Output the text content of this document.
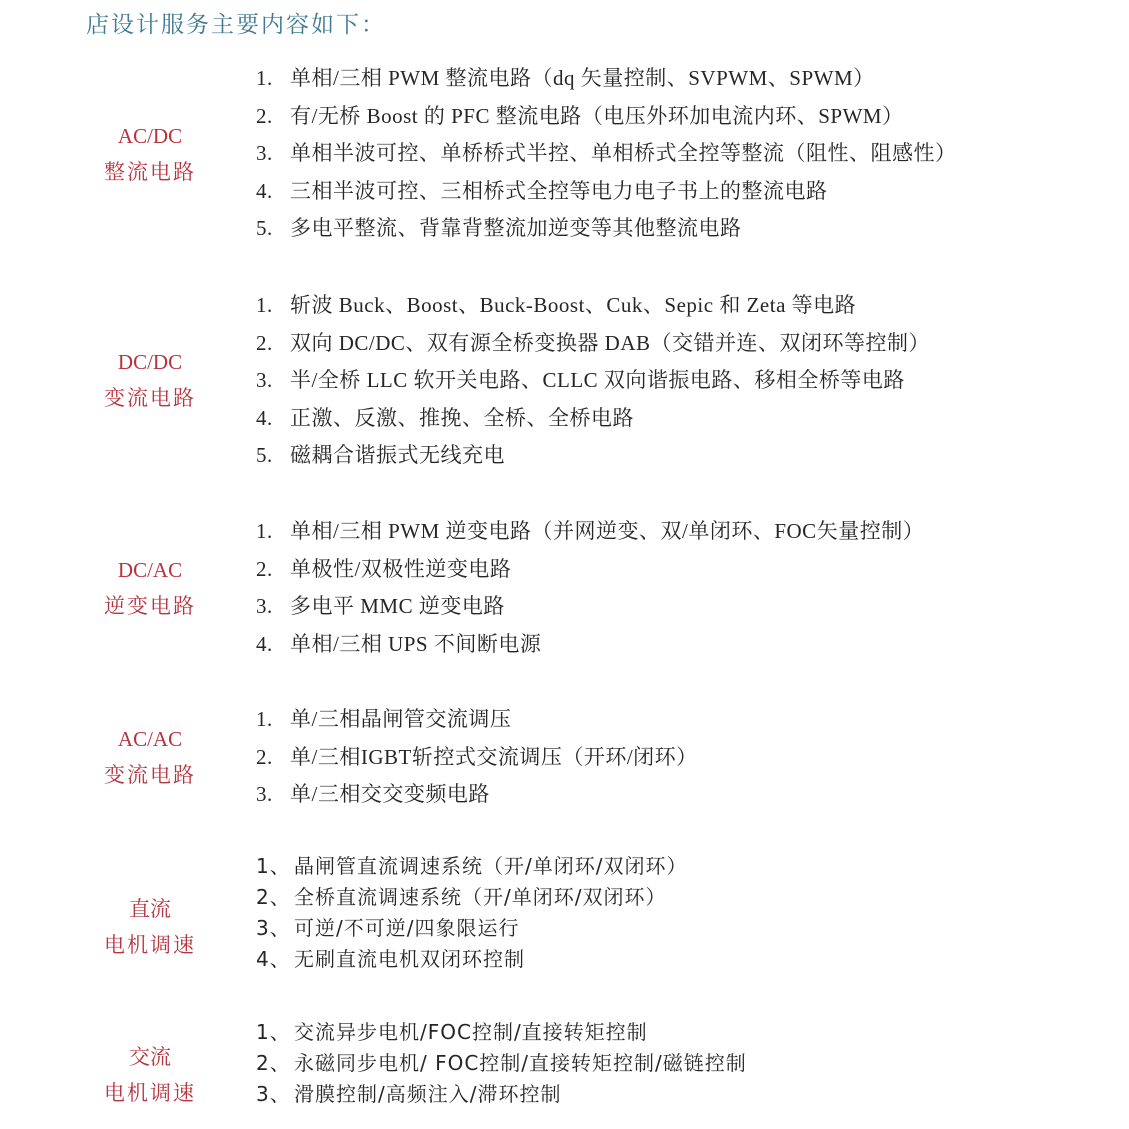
店设计服务主要内容如下：
AC/DC
整流电路
1. 单相/三相 PWM 整流电路（dq 矢量控制、SVPWM、SPWM）
2. 有/无桥 Boost 的 PFC 整流电路（电压外环加电流内环、SPWM）
3. 单相半波可控、单桥桥式半控、单相桥式全控等整流（阻性、阻感性）
4. 三相半波可控、三相桥式全控等电力电子书上的整流电路
5. 多电平整流、背靠背整流加逆变等其他整流电路
DC/DC
变流电路
1. 斩波 Buck、Boost、Buck-Boost、Cuk、Sepic 和 Zeta 等电路
2. 双向 DC/DC、双有源全桥变换器 DAB（交错并连、双闭环等控制）
3. 半/全桥 LLC 软开关电路、CLLC 双向谐振电路、移相全桥等电路
4. 正激、反激、推挽、全桥、全桥电路
5. 磁耦合谐振式无线充电
DC/AC
逆变电路
1. 单相/三相 PWM 逆变电路（并网逆变、双/单闭环、FOC矢量控制）
2. 单极性/双极性逆变电路
3. 多电平 MMC 逆变电路
4. 单相/三相 UPS 不间断电源
AC/AC
变流电路
1. 单/三相晶闸管交流调压
2. 单/三相IGBT斩控式交流调压（开环/闭环）
3. 单/三相交交变频电路
直流
电机调速
1、 晶闸管直流调速系统（开/单闭环/双闭环）
2、 全桥直流调速系统（开/单闭环/双闭环）
3、 可逆/不可逆/四象限运行
4、 无刷直流电机双闭环控制
交流
电机调速
1、 交流异步电机/FOC控制/直接转矩控制
2、 永磁同步电机/ FOC控制/直接转矩控制/磁链控制
3、 滑膜控制/高频注入/滞环控制
